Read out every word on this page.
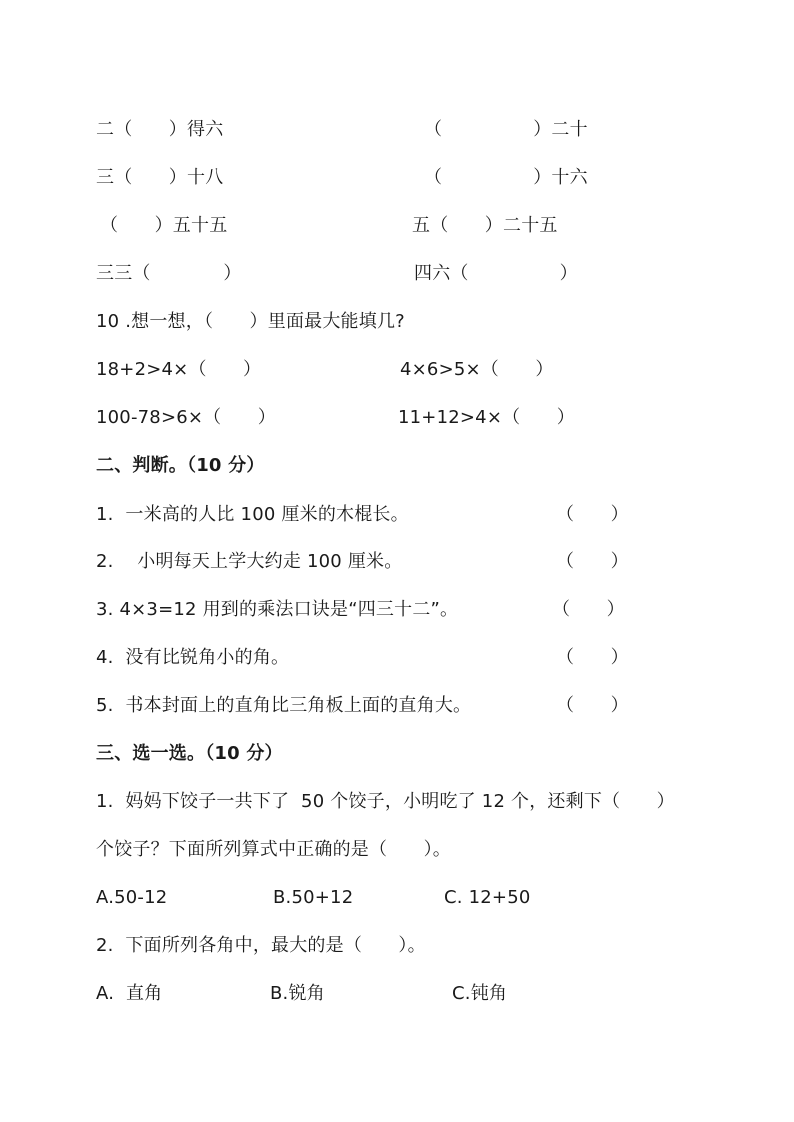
二（　　）得六	（　　　　　）二十
三（　　）十八	（　　　　　）十六
（　　）五十五	五（　　）二十五
三三（　　　　）	四六（　　　　　）
10 .想一想，（　　）里面最大能填几?
18+2>4×（　　）	4×6>5×（　　）
100-78>6×（　　）	11+12>4×（　　）
二、判断。（10 分）
1.  一米高的人比 100 厘米的木棍长。	（　　）
2.    小明每天上学大约走 100 厘米。	（　　）
3. 4×3=12 用到的乘法口诀是“四三十二”。	（　　）
4.  没有比锐角小的角。	（　　）
5.  书本封面上的直角比三角板上面的直角大。	（　　）
三、选一选。（10 分）
1.  妈妈下饺子一共下了  50 个饺子，小明吃了 12 个，还剩下（　　）
个饺子？下面所列算式中正确的是（　　）。
A.50-12	B.50+12	C. 12+50
2.  下面所列各角中，最大的是（　　）。
A.  直角	B.锐角	C.钝角
